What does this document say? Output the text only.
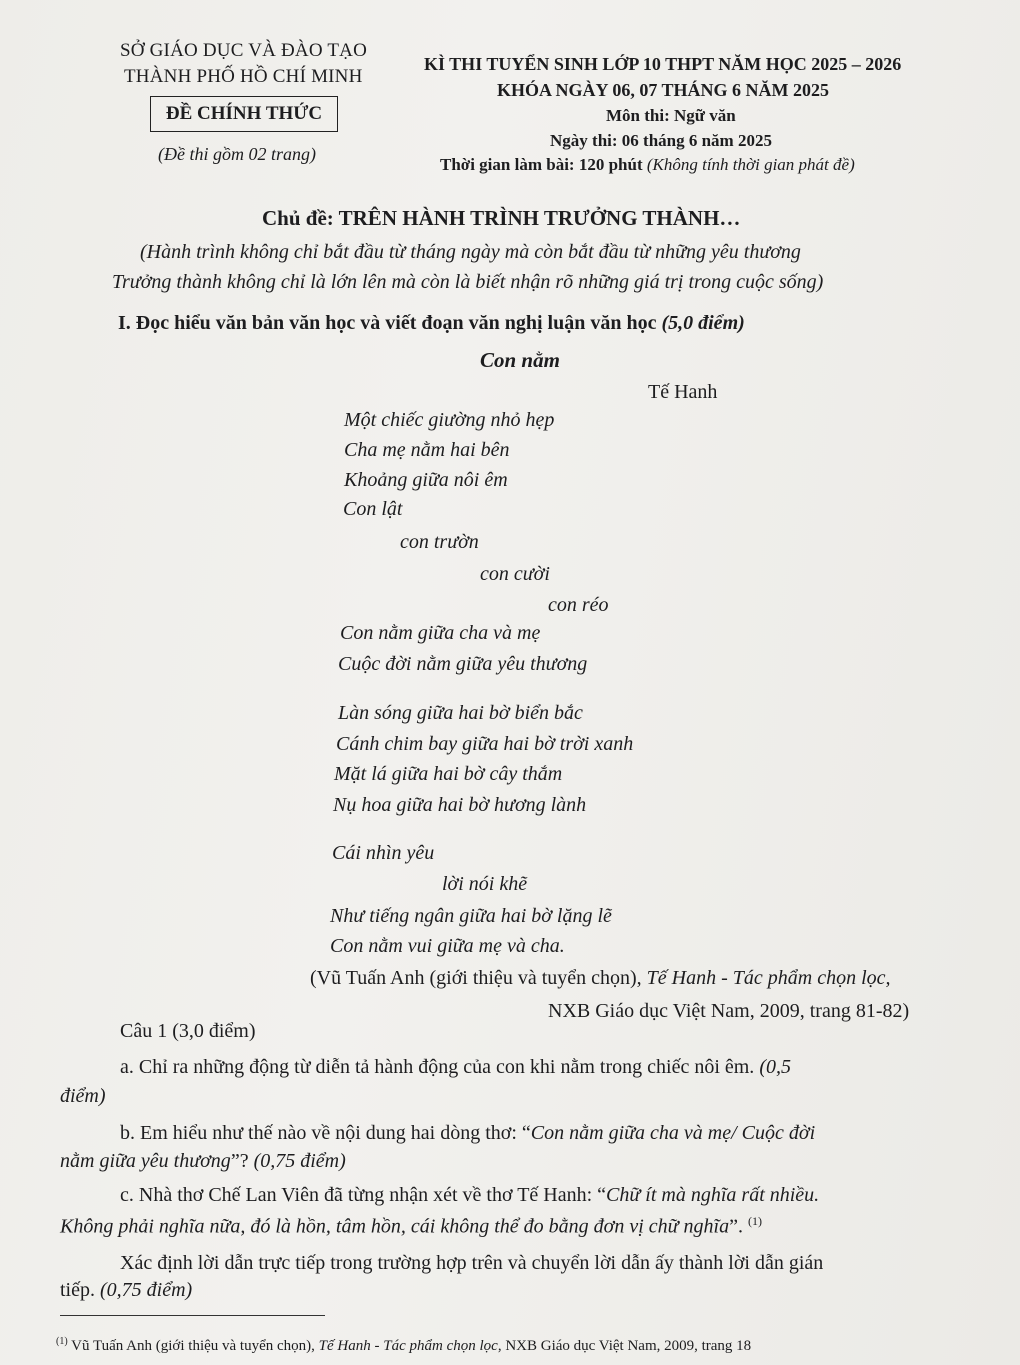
SỞ GIÁO DỤC VÀ ĐÀO TẠO
THÀNH PHỐ HỒ CHÍ MINH
ĐỀ CHÍNH THỨC
(Đề thi gồm 02 trang)
KÌ THI TUYỂN SINH LỚP 10 THPT NĂM HỌC 2025 – 2026
KHÓA NGÀY 06, 07 THÁNG 6 NĂM 2025
Môn thi: Ngữ văn
Ngày thi: 06 tháng 6 năm 2025
Thời gian làm bài: 120 phút (Không tính thời gian phát đề)
Chủ đề: TRÊN HÀNH TRÌNH TRƯỞNG THÀNH…
(Hành trình không chỉ bắt đầu từ tháng ngày mà còn bắt đầu từ những yêu thương
Trưởng thành không chỉ là lớn lên mà còn là biết nhận rõ những giá trị trong cuộc sống)
I. Đọc hiểu văn bản văn học và viết đoạn văn nghị luận văn học (5,0 điểm)
Con nằm
Tế Hanh
Một chiếc giường nhỏ hẹp
Cha mẹ nằm hai bên
Khoảng giữa nôi êm
Con lật
con trườn
con cười
con réo
Con nằm giữa cha và mẹ
Cuộc đời nằm giữa yêu thương
Làn sóng giữa hai bờ biển bắc
Cánh chim bay giữa hai bờ trời xanh
Mặt lá giữa hai bờ cây thắm
Nụ hoa giữa hai bờ hương lành
Cái nhìn yêu
lời nói khẽ
Như tiếng ngân giữa hai bờ lặng lẽ
Con nằm vui giữa mẹ và cha.
(Vũ Tuấn Anh (giới thiệu và tuyển chọn), Tế Hanh - Tác phẩm chọn lọc,
NXB Giáo dục Việt Nam, 2009, trang 81-82)
Câu 1 (3,0 điểm)
a. Chỉ ra những động từ diễn tả hành động của con khi nằm trong chiếc nôi êm. (0,5
điểm)
b. Em hiểu như thế nào về nội dung hai dòng thơ: “Con nằm giữa cha và mẹ/ Cuộc đời
nằm giữa yêu thương”? (0,75 điểm)
c. Nhà thơ Chế Lan Viên đã từng nhận xét về thơ Tế Hanh: “Chữ ít mà nghĩa rất nhiều.
Không phải nghĩa nữa, đó là hồn, tâm hồn, cái không thể đo bằng đơn vị chữ nghĩa”. $^{(1)}$
Xác định lời dẫn trực tiếp trong trường hợp trên và chuyển lời dẫn ấy thành lời dẫn gián
tiếp. (0,75 điểm)
$^{(1)}$ Vũ Tuấn Anh (giới thiệu và tuyển chọn), Tế Hanh - Tác phẩm chọn lọc, NXB Giáo dục Việt Nam, 2009, trang 18
